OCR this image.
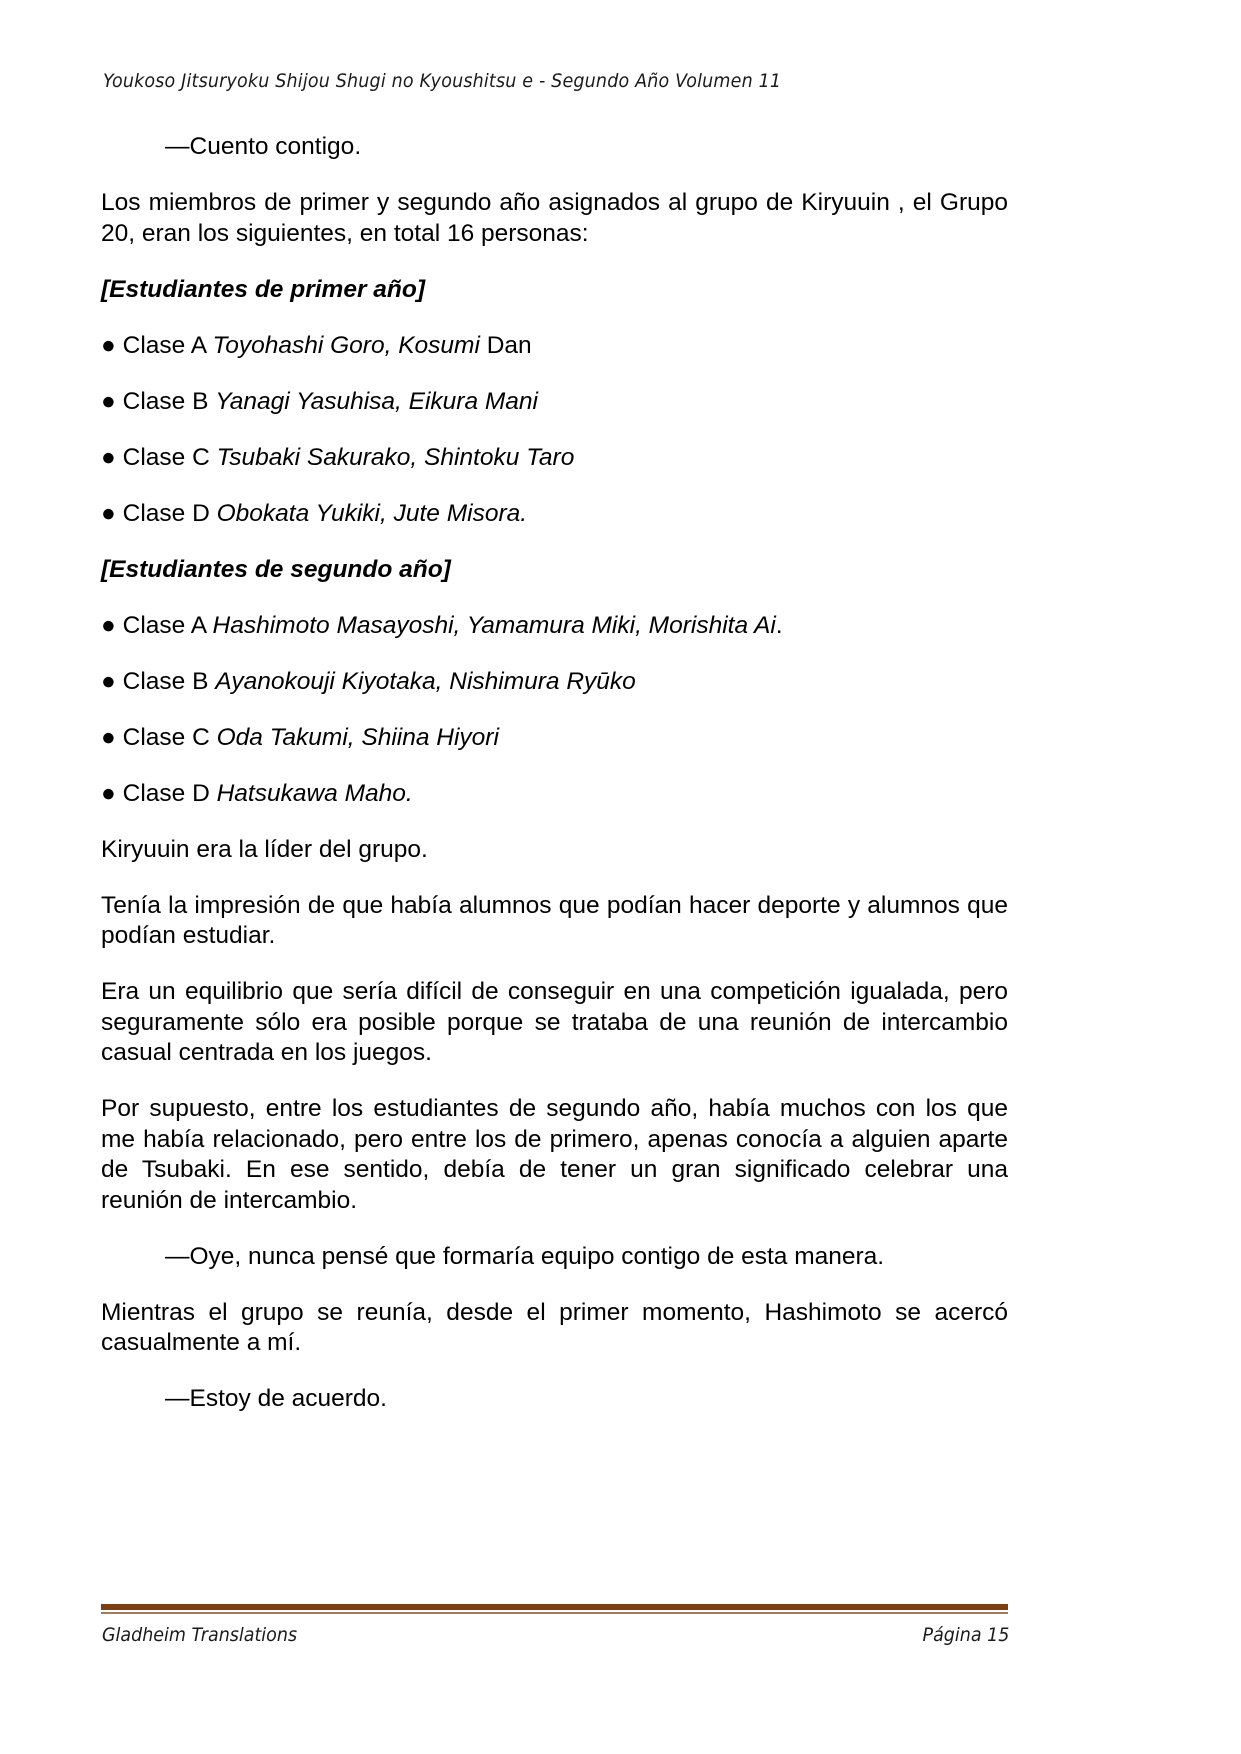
Youkoso Jitsuryoku Shijou Shugi no Kyoushitsu e - Segundo Año Volumen 11

—Cuento contigo.

Los miembros de primer y segundo año asignados al grupo de Kiryuuin , el Grupo 20, eran los siguientes, en total 16 personas:

[Estudiantes de primer año]

● Clase A Toyohashi Goro, Kosumi Dan

● Clase B Yanagi Yasuhisa, Eikura Mani

● Clase C Tsubaki Sakurako, Shintoku Taro

● Clase D Obokata Yukiki, Jute Misora.

[Estudiantes de segundo año]

● Clase A Hashimoto Masayoshi, Yamamura Miki, Morishita Ai.

● Clase B Ayanokouji Kiyotaka, Nishimura Ryūko

● Clase C Oda Takumi, Shiina Hiyori

● Clase D Hatsukawa Maho.

Kiryuuin era la líder del grupo.

Tenía la impresión de que había alumnos que podían hacer deporte y alumnos que podían estudiar.

Era un equilibrio que sería difícil de conseguir en una competición igualada, pero seguramente sólo era posible porque se trataba de una reunión de intercambio casual centrada en los juegos.

Por supuesto, entre los estudiantes de segundo año, había muchos con los que me había relacionado, pero entre los de primero, apenas conocía a alguien aparte de Tsubaki. En ese sentido, debía de tener un gran significado celebrar una reunión de intercambio.

—Oye, nunca pensé que formaría equipo contigo de esta manera.

Mientras el grupo se reunía, desde el primer momento, Hashimoto se acercó casualmente a mí.

—Estoy de acuerdo.

Gladheim Translations	Página 15
